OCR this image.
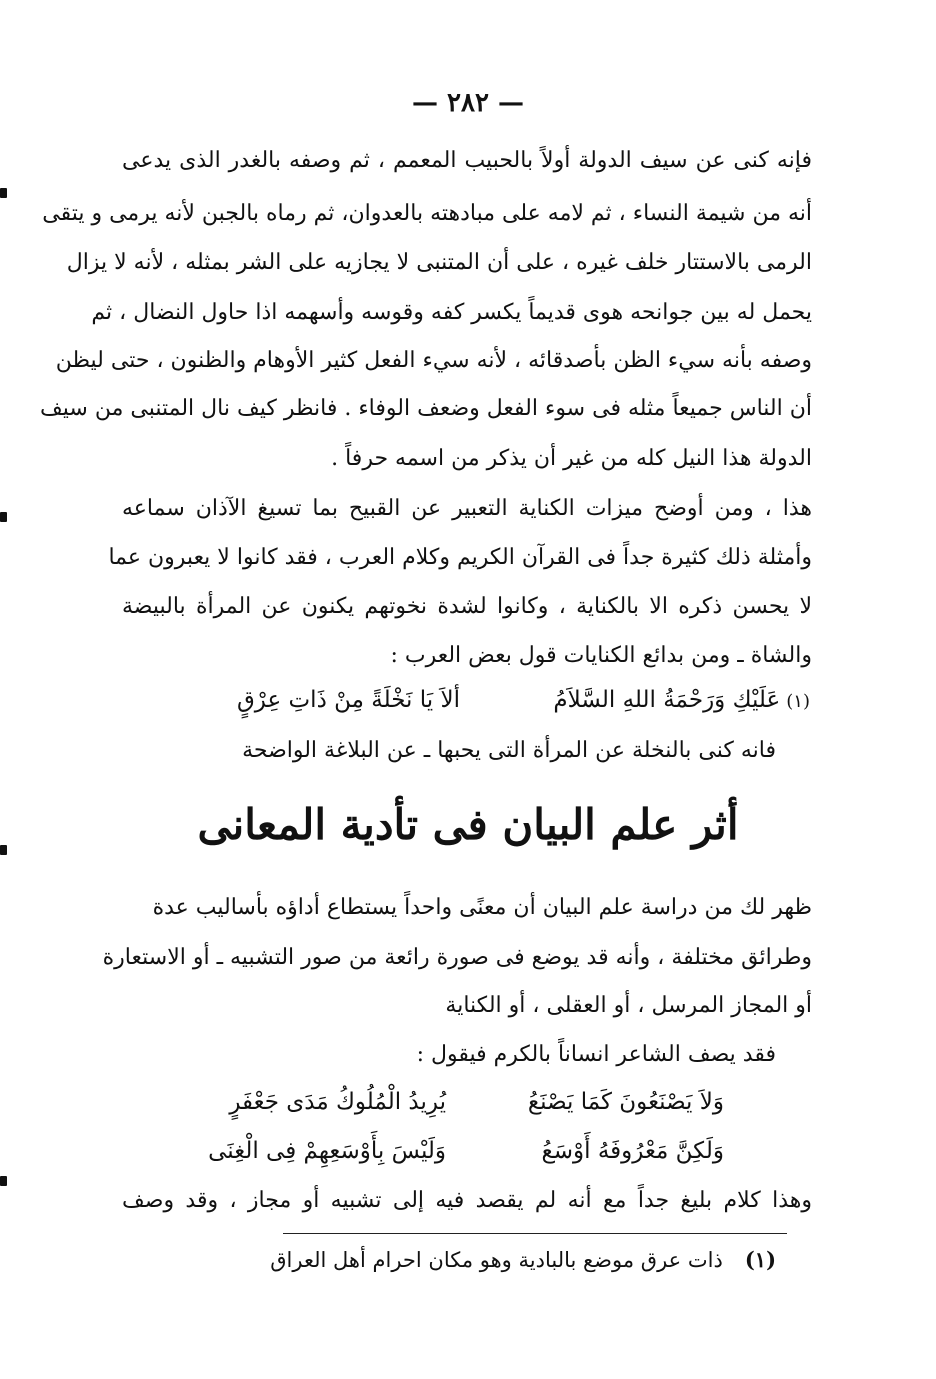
— ٢٨٢ —
فإنه كنى عن سيف الدولة أولاً بالحبيب المعمم ، ثم وصفه بالغدر الذى يدعى
أنه من شيمة النساء ، ثم لامه على مبادهته بالعدوان، ثم رماه بالجبن لأنه يرمى و يتقى
الرمى بالاستتار خلف غيره ، على أن المتنبى لا يجازيه على الشر بمثله ، لأنه لا يزال
يحمل له بين جوانحه هوى قديماً يكسر كفه وقوسه وأسهمه اذا حاول النضال ، ثم
وصفه بأنه سيء الظن بأصدقائه ، لأنه سيء الفعل كثير الأوهام والظنون ، حتى ليظن
أن الناس جميعاً مثله فى سوء الفعل وضعف الوفاء . فانظر كيف نال المتنبى من سيف
الدولة هذا النيل كله من غير أن يذكر من اسمه حرفاً .
هذا ، ومن أوضح ميزات الكناية التعبير عن القبيح بما تسيغ الآذان سماعه
وأمثلة ذلك كثيرة جداً فى القرآن الكريم وكلام العرب ، فقد كانوا لا يعبرون عما
لا يحسن ذكره الا بالكناية ، وكانوا لشدة نخوتهم يكنون عن المرأة بالبيضة
والشاة ـ ومن بدائع الكنايات قول بعض العرب :
(١)عَلَيْكِ وَرَحْمَةُ اللهِ السَّلاَمُ
ألاَ يَا نَخْلَةً مِنْ ذَاتِ عِرْقٍ
فانه كنى بالنخلة عن المرأة التى يحبها ـ عن البلاغة الواضحة
أثر علم البيان فى تأدية المعانى
ظهر لك من دراسة علم البيان أن معنًى واحداً يستطاع أداؤه بأساليب عدة
وطرائق مختلفة ، وأنه قد يوضع فى صورة رائعة من صور التشبيه ـ أو الاستعارة
أو المجاز المرسل ، أو العقلى ، أو الكناية
فقد يصف الشاعر انساناً بالكرم فيقول :
يُرِيدُ الْمُلُوكُ مَدَى جَعْفَرٍ	وَلاَ يَصْنَعُونَ كَمَا يَصْنَعُ
وَلَيْسَ بِأَوْسَعِهِمْ فِى الْغِنَى	وَلَكِنَّ مَعْرُوفَهُ أَوْسَعُ
وهذا كلام بليغ جداً مع أنه لم يقصد فيه إلى تشبيه أو مجاز ، وقد وصف
(١)ذات عرق موضع بالبادية وهو مكان احرام أهل العراق
